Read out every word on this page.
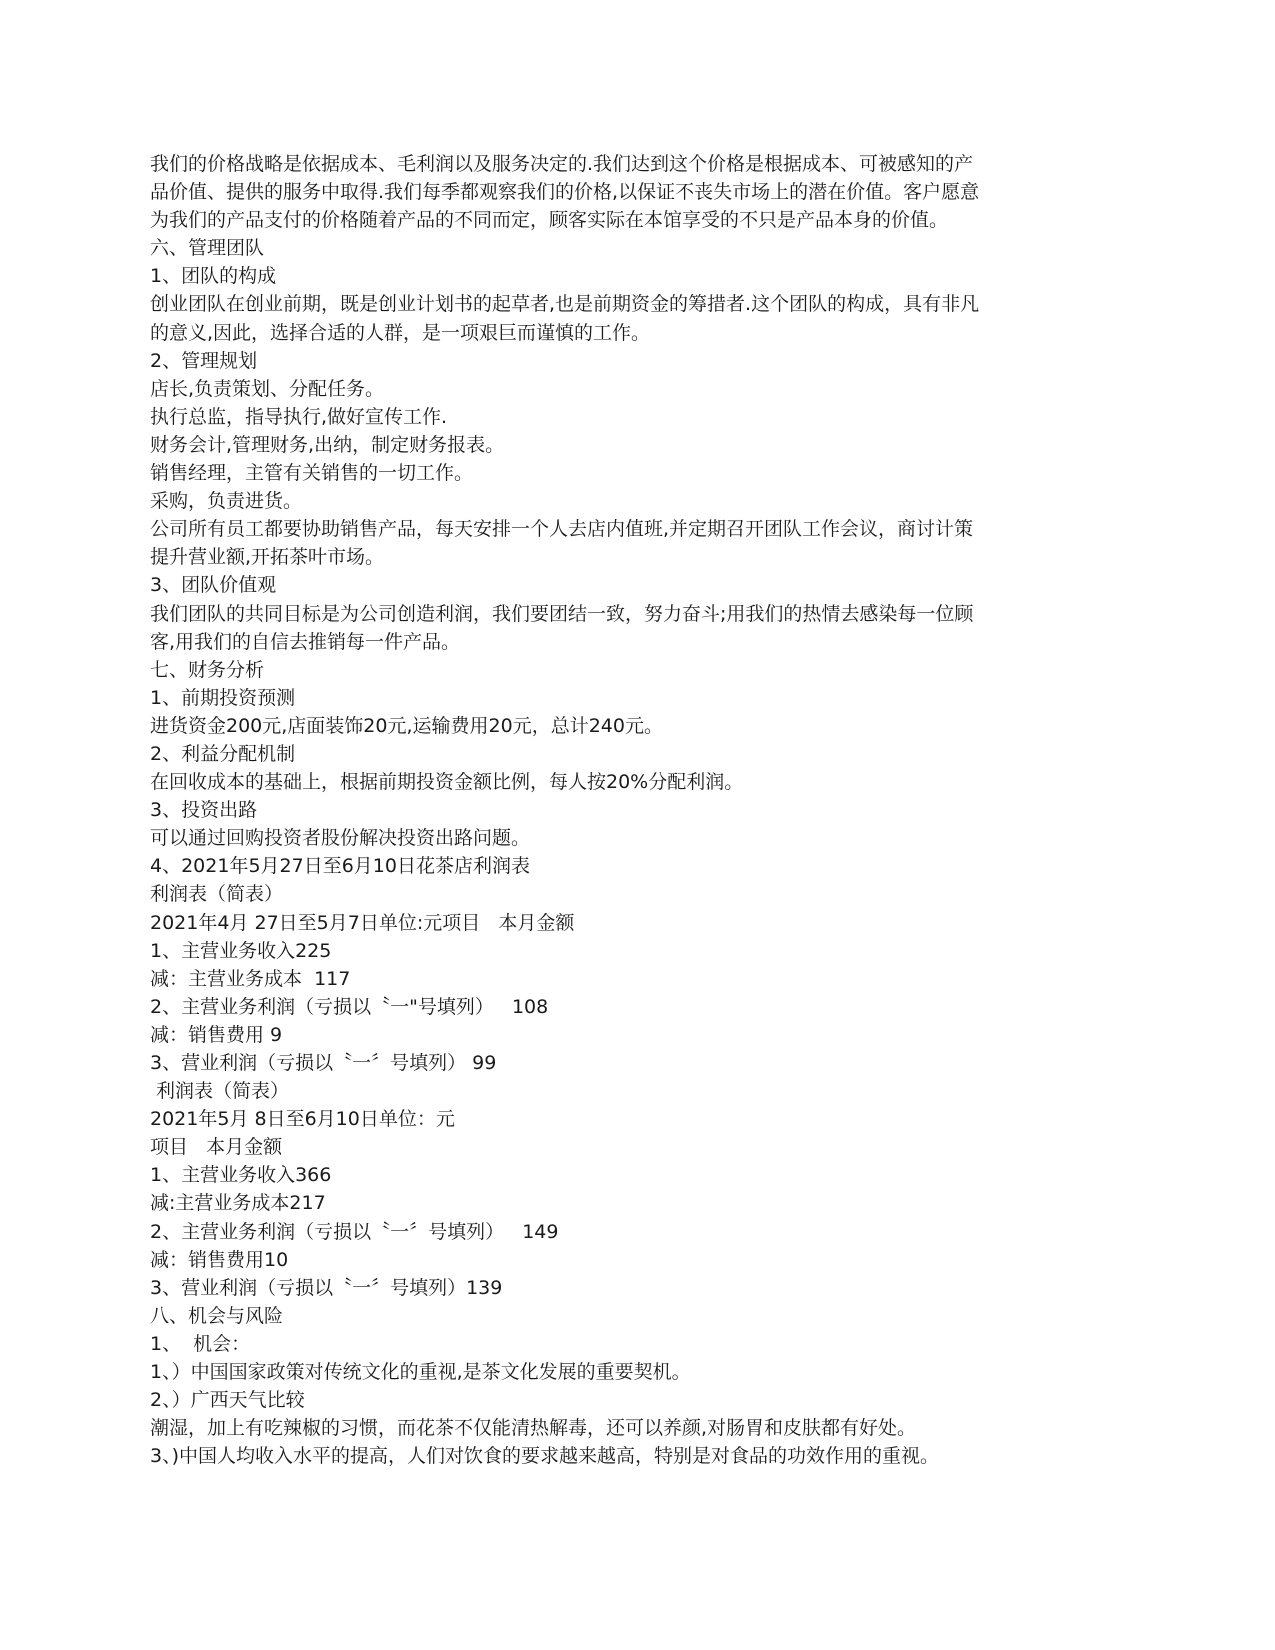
我们的价格战略是依据成本、毛利润以及服务决定的.我们达到这个价格是根据成本、可被感知的产
品价值、提供的服务中取得.我们每季都观察我们的价格,以保证不丧失市场上的潜在价值。客户愿意
为我们的产品支付的价格随着产品的不同而定，顾客实际在本馆享受的不只是产品本身的价值。
六、管理团队
1、团队的构成
创业团队在创业前期，既是创业计划书的起草者,也是前期资金的筹措者.这个团队的构成，具有非凡
的意义,因此，选择合适的人群，是一项艰巨而谨慎的工作。
2、管理规划
店长,负责策划、分配任务。
执行总监，指导执行,做好宣传工作.
财务会计,管理财务,出纳，制定财务报表。
销售经理，主管有关销售的一切工作。
采购，负责进货。
公司所有员工都要协助销售产品，每天安排一个人去店内值班,并定期召开团队工作会议，商讨计策
提升营业额,开拓茶叶市场。
3、团队价值观
我们团队的共同目标是为公司创造利润，我们要团结一致，努力奋斗;用我们的热情去感染每一位顾
客,用我们的自信去推销每一件产品。
七、财务分析
1、前期投资预测
进货资金200元,店面装饰20元,运输费用20元，总计240元。
2、利益分配机制
在回收成本的基础上，根据前期投资金额比例，每人按20%分配利润。
3、投资出路
可以通过回购投资者股份解决投资出路问题。
4、2021年5月27日至6月10日花茶店利润表
利润表（简表）
2021年4月 27日至5月7日单位:元项目   本月金额
1、主营业务收入225
减：主营业务成本  117
2、主营业务利润（亏损以〝一"号填列）   108
减：销售费用 9
3、营业利润（亏损以〝一〞号填列） 99
利润表（简表）
2021年5月 8日至6月10日单位：元
项目   本月金额
1、主营业务收入366
减:主营业务成本217
2、主营业务利润（亏损以〝一〞号填列）   149
减：销售费用10
3、营业利润（亏损以〝一〞号填列）139
八、机会与风险
1、  机会：
1、）中国国家政策对传统文化的重视,是茶文化发展的重要契机。
2、）广西天气比较
潮湿，加上有吃辣椒的习惯，而花茶不仅能清热解毒，还可以养颜,对肠胃和皮肤都有好处。
3、)中国人均收入水平的提高，人们对饮食的要求越来越高，特别是对食品的功效作用的重视。
